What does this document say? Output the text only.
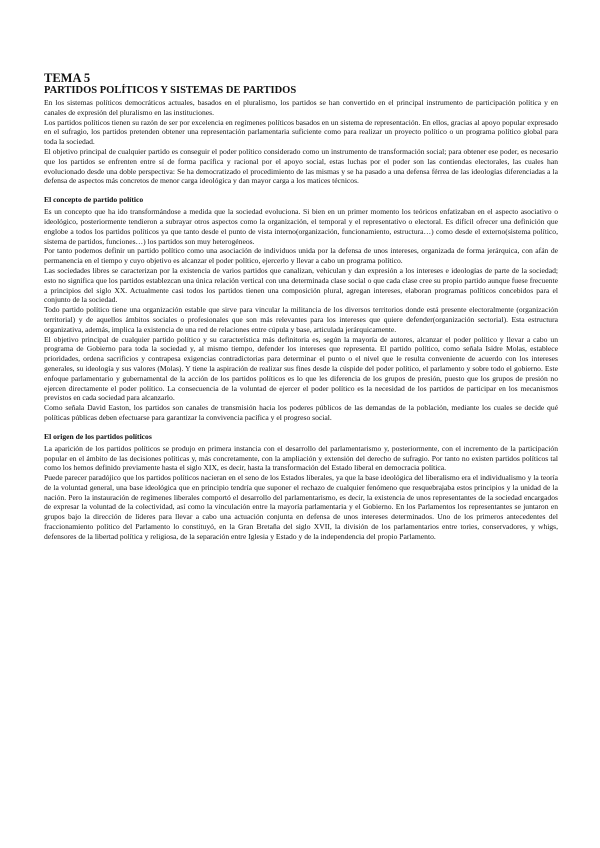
TEMA 5
PARTIDOS POLÍTICOS Y SISTEMAS DE PARTIDOS

En los sistemas políticos democráticos actuales, basados en el pluralismo, los partidos se han convertido en el principal instrumento de participación política y en canales de expresión del pluralismo en las instituciones.

Los partidos políticos tienen su razón de ser por excelencia en regímenes políticos basados en un sistema de representación. En ellos, gracias al apoyo popular expresado en el sufragio, los partidos pretenden obtener una representación parlamentaria suficiente como para realizar un proyecto político o un programa político global para toda la sociedad.

El objetivo principal de cualquier partido es conseguir el poder político considerado como un instrumento de transformación social; para obtener ese poder, es necesario que los partidos se enfrenten entre sí de forma pacífica y racional por el apoyo social, estas luchas por el poder son las contiendas electorales, las cuales han evolucionado desde una doble perspectiva: Se ha democratizado el procedimiento de las mismas y se ha pasado a una defensa férrea de las ideologías diferenciadas a la defensa de aspectos más concretos de menor carga ideológica y dan mayor carga a los matices técnicos.

El concepto de partido político

Es un concepto que ha ido transformándose a medida que la sociedad evoluciona. Si bien en un primer momento los teóricos enfatizaban en el aspecto asociativo o ideológico, posteriormente tendieron a subrayar otros aspectos como la organización, el temporal y el representativo o electoral. Es difícil ofrecer una definición que englobe a todos los partidos políticos ya que tanto desde el punto de vista interno(organización, funcionamiento, estructura…) como desde el externo(sistema político, sistema de partidos, funciones…) los partidos son muy heterogéneos.

Por tanto podemos definir un partido político como una asociación de individuos unida por la defensa de unos intereses, organizada de forma jerárquica, con afán de permanencia en el tiempo y cuyo objetivo es alcanzar el poder político, ejercerlo y llevar a cabo un programa político.

Las sociedades libres se caracterizan por la existencia de varios partidos que canalizan, vehiculan y dan expresión a los intereses e ideologías de parte de la sociedad; esto no significa que los partidos establezcan una única relación vertical con una determinada clase social o que cada clase cree su propio partido aunque fuese frecuente a principios del siglo XX. Actualmente casi todos los partidos tienen una composición plural, agregan intereses, elaboran programas políticos concebidos para el conjunto de la sociedad.

Todo partido político tiene una organización estable que sirve para vincular la militancia de los diversos territorios donde está presente electoralmente (organización territorial) y de aquellos ámbitos sociales o profesionales que son más relevantes para los intereses que quiere defender(organización sectorial). Esta estructura organizativa, además, implica la existencia de una red de relaciones entre cúpula y base, articulada jerárquicamente.

El objetivo principal de cualquier partido político y su característica más definitoria es, según la mayoría de autores, alcanzar el poder político y llevar a cabo un programa de Gobierno para toda la sociedad y, al mismo tiempo, defender los intereses que representa. El partido político, como señala Isidre Molas, establece prioridades, ordena sacrificios y contrapesa exigencias contradictorias para determinar el punto o el nivel que le resulta conveniente de acuerdo con los intereses generales, su ideología y sus valores (Molas). Y tiene la aspiración de realizar sus fines desde la cúspide del poder político, el parlamento y sobre todo el gobierno. Este enfoque parlamentario y gubernamental de la acción de los partidos políticos es lo que les diferencia de los grupos de presión, puesto que los grupos de presión no ejercen directamente el poder político. La consecuencia de la voluntad de ejercer el poder político es la necesidad de los partidos de participar en los mecanismos previstos en cada sociedad para alcanzarlo.

Como señala David Easton, los partidos son canales de transmisión hacia los poderes públicos de las demandas de la población, mediante los cuales se decide qué políticas públicas deben efectuarse para garantizar la convivencia pacífica y el progreso social.

El origen de los partidos políticos

La aparición de los partidos políticos se produjo en primera instancia con el desarrollo del parlamentarismo y, posteriormente, con el incremento de la participación popular en el ámbito de las decisiones políticas y, más concretamente, con la ampliación y extensión del derecho de sufragio. Por tanto no existen partidos políticos tal como los hemos definido previamente hasta el siglo XIX, es decir, hasta la transformación del Estado liberal en democracia política.

Puede parecer paradójico que los partidos políticos nacieran en el seno de los Estados liberales, ya que la base ideológica del liberalismo era el individualismo y la teoría de la voluntad general, una base ideológica que en principio tendría que suponer el rechazo de cualquier fenómeno que resquebrajaba estos principios y la unidad de la nación. Pero la instauración de regímenes liberales comportó el desarrollo del parlamentarismo, es decir, la existencia de unos representantes de la sociedad encargados de expresar la voluntad de la colectividad, así como la vinculación entre la mayoría parlamentaria y el Gobierno. En los Parlamentos los representantes se juntaron en grupos bajo la dirección de líderes para llevar a cabo una actuación conjunta en defensa de unos intereses determinados. Uno de los primeros antecedentes del fraccionamiento político del Parlamento lo constituyó, en la Gran Bretaña del siglo XVII, la división de los parlamentarios entre tories, conservadores, y whigs, defensores de la libertad política y religiosa, de la separación entre Iglesia y Estado y de la independencia del propio Parlamento.
